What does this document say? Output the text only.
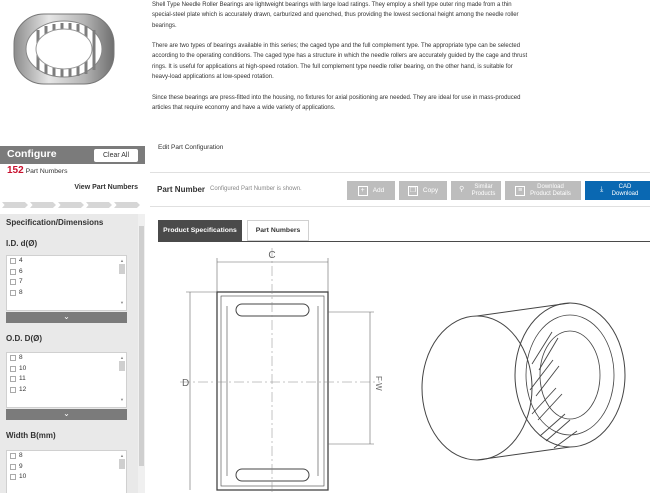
Shell Type Needle Roller Bearings are lightweight bearings with large load ratings. They employ a shell type outer ring made from a thin special-steel plate which is accurately drawn, carburized and quenched, thus providing the lowest sectional height among the needle roller bearings.

There are two types of bearings available in this series; the caged type and the full complement type. The appropriate type can be selected according to the operating conditions. The caged type has a structure in which the needle rollers are accurately guided by the cage and thrust rings. It is useful for applications at high-speed rotation. The full complement type needle roller bearing, on the other hand, is suitable for heavy-load applications at low-speed rotation.

Since these bearings are press-fitted into the housing, no fixtures for axial positioning are needed. They are ideal for use in mass-produced articles that require economy and have a wide variety of applications.

Configure	Clear All
152 Part Numbers
View Part Numbers
Specification/Dimensions
I.D. d(Ø)
4
6
7
8
▲
▼
⌄
O.D. D(Ø)
8
10
11
12
▲
▼
⌄
Width B(mm)
8
9
10
▲
Edit Part Configuration
Part Number Configured Part Number is shown.	+	Add	❐ Copy	⚲	Similar
Products	≡	Download
Product Details
⤓	CAD
Download
Product Specifications	Part Numbers
C
D	F W
